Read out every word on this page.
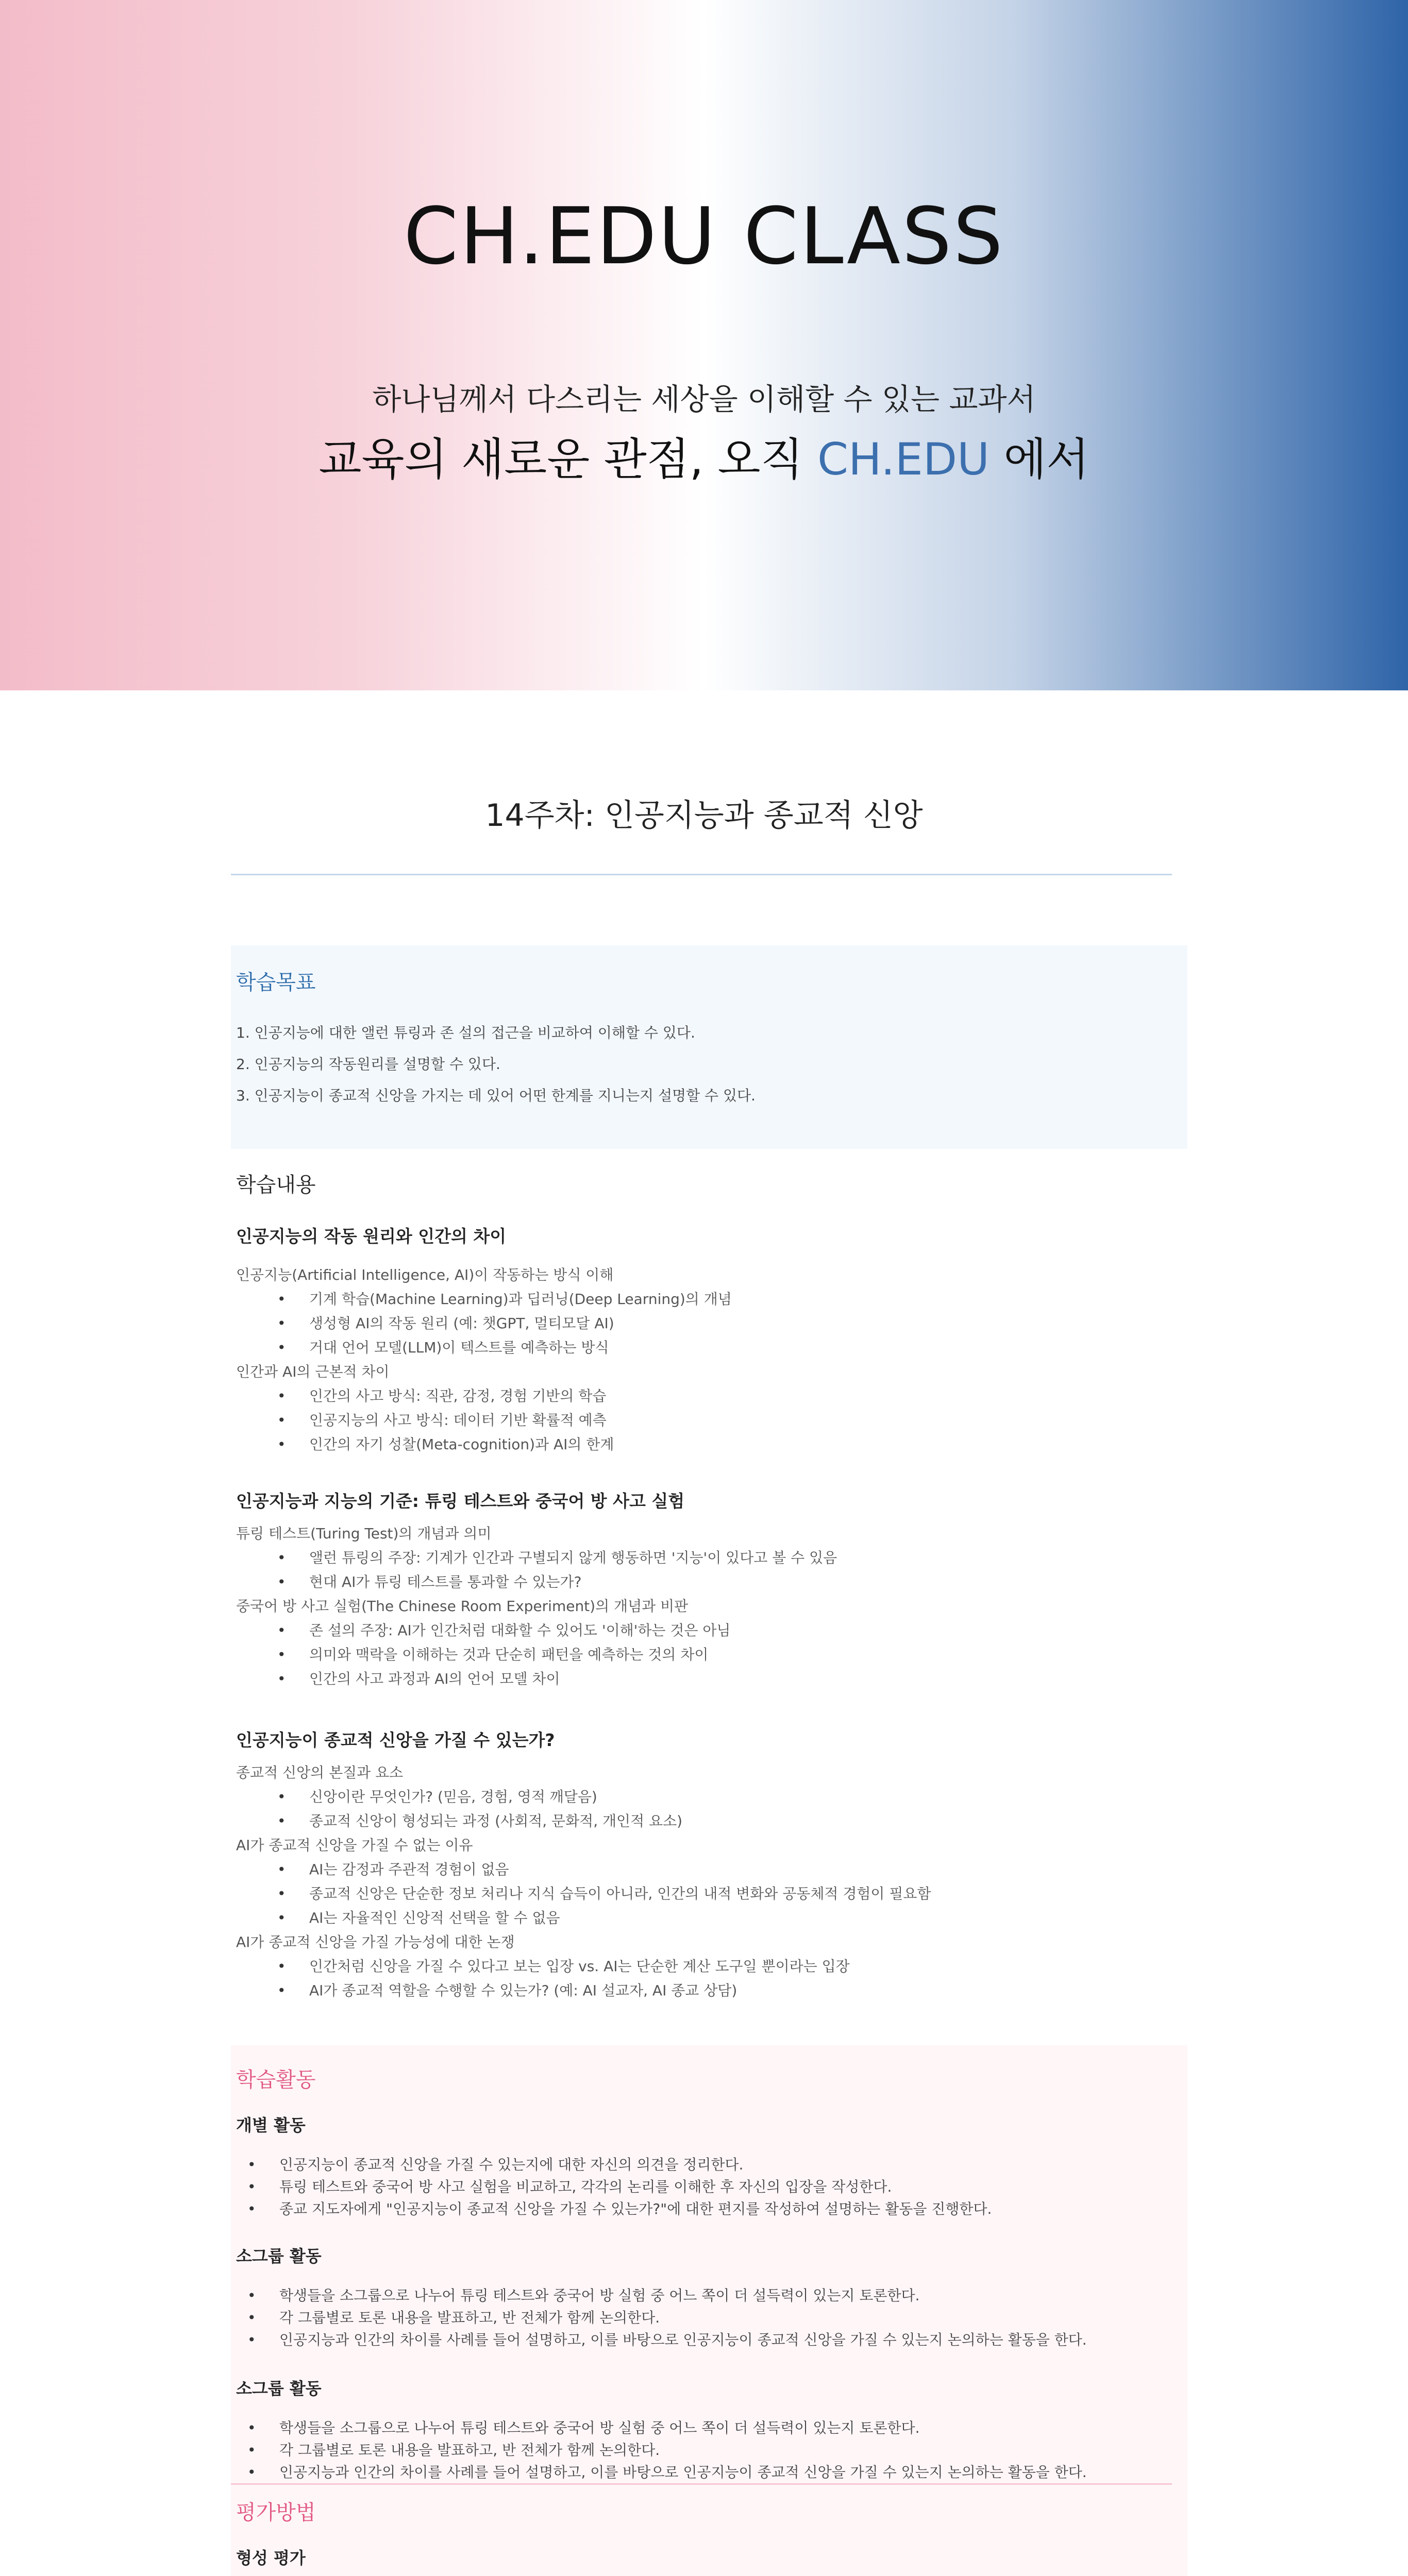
CH.EDU CLASS
하나님께서 다스리는 세상을 이해할 수 있는 교과서
교육의 새로운 관점, 오직 CH.EDU 에서
14주차: 인공지능과 종교적 신앙
학습목표
1. 인공지능에 대한 앨런 튜링과 존 설의 접근을 비교하여 이해할 수 있다.
2. 인공지능의 작동원리를 설명할 수 있다.
3. 인공지능이 종교적 신앙을 가지는 데 있어 어떤 한계를 지니는지 설명할 수 있다.
학습내용
인공지능의 작동 원리와 인간의 차이
인공지능(Artificial Intelligence, AI)이 작동하는 방식 이해
• 기계 학습(Machine Learning)과 딥러닝(Deep Learning)의 개념
• 생성형 AI의 작동 원리 (예: 챗GPT, 멀티모달 AI)
• 거대 언어 모델(LLM)이 텍스트를 예측하는 방식
인간과 AI의 근본적 차이
• 인간의 사고 방식: 직관, 감정, 경험 기반의 학습
• 인공지능의 사고 방식: 데이터 기반 확률적 예측
• 인간의 자기 성찰(Meta-cognition)과 AI의 한계
인공지능과 지능의 기준: 튜링 테스트와 중국어 방 사고 실험
튜링 테스트(Turing Test)의 개념과 의미
• 앨런 튜링의 주장: 기계가 인간과 구별되지 않게 행동하면 '지능'이 있다고 볼 수 있음
• 현대 AI가 튜링 테스트를 통과할 수 있는가?
중국어 방 사고 실험(The Chinese Room Experiment)의 개념과 비판
• 존 설의 주장: AI가 인간처럼 대화할 수 있어도 '이해'하는 것은 아님
• 의미와 맥락을 이해하는 것과 단순히 패턴을 예측하는 것의 차이
• 인간의 사고 과정과 AI의 언어 모델 차이
인공지능이 종교적 신앙을 가질 수 있는가?
종교적 신앙의 본질과 요소
• 신앙이란 무엇인가? (믿음, 경험, 영적 깨달음)
• 종교적 신앙이 형성되는 과정 (사회적, 문화적, 개인적 요소)
AI가 종교적 신앙을 가질 수 없는 이유
• AI는 감정과 주관적 경험이 없음
• 종교적 신앙은 단순한 정보 처리나 지식 습득이 아니라, 인간의 내적 변화와 공동체적 경험이 필요함
• AI는 자율적인 신앙적 선택을 할 수 없음
AI가 종교적 신앙을 가질 가능성에 대한 논쟁
• 인간처럼 신앙을 가질 수 있다고 보는 입장 vs. AI는 단순한 계산 도구일 뿐이라는 입장
• AI가 종교적 역할을 수행할 수 있는가? (예: AI 설교자, AI 종교 상담)
학습활동
개별 활동
• 인공지능이 종교적 신앙을 가질 수 있는지에 대한 자신의 의견을 정리한다.
• 튜링 테스트와 중국어 방 사고 실험을 비교하고, 각각의 논리를 이해한 후 자신의 입장을 작성한다.
• 종교 지도자에게 "인공지능이 종교적 신앙을 가질 수 있는가?"에 대한 편지를 작성하여 설명하는 활동을 진행한다.
소그룹 활동
• 학생들을 소그룹으로 나누어 튜링 테스트와 중국어 방 실험 중 어느 쪽이 더 설득력이 있는지 토론한다.
• 각 그룹별로 토론 내용을 발표하고, 반 전체가 함께 논의한다.
• 인공지능과 인간의 차이를 사례를 들어 설명하고, 이를 바탕으로 인공지능이 종교적 신앙을 가질 수 있는지 논의하는 활동을 한다.
소그룹 활동
• 학생들을 소그룹으로 나누어 튜링 테스트와 중국어 방 실험 중 어느 쪽이 더 설득력이 있는지 토론한다.
• 각 그룹별로 토론 내용을 발표하고, 반 전체가 함께 논의한다.
• 인공지능과 인간의 차이를 사례를 들어 설명하고, 이를 바탕으로 인공지능이 종교적 신앙을 가질 수 있는지 논의하는 활동을 한다.
평가방법
형성 평가
